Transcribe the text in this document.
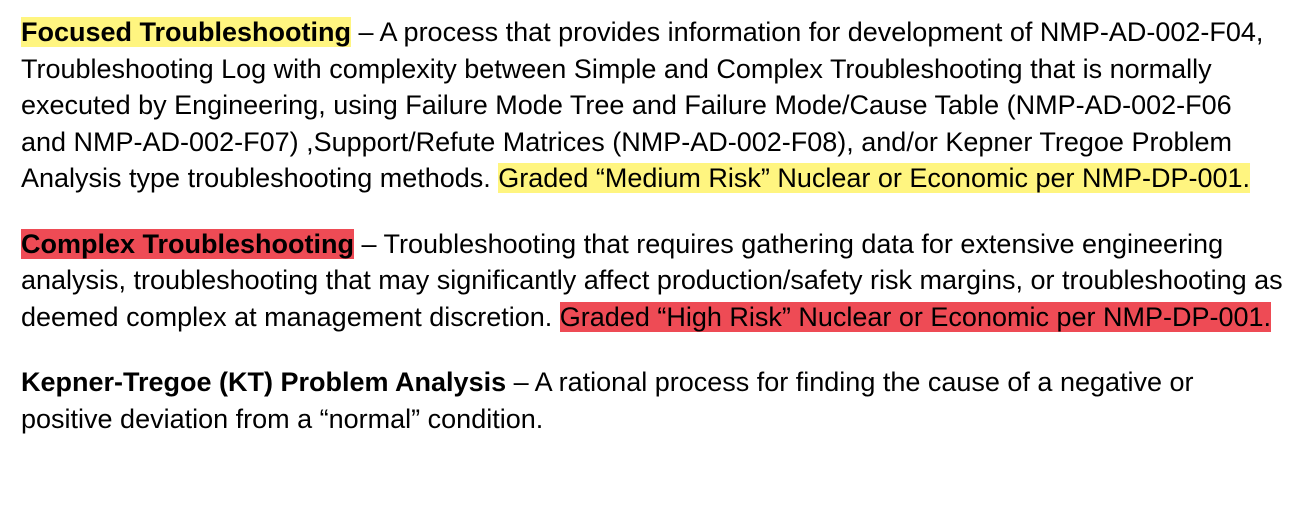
Focused Troubleshooting – A process that provides information for development of NMP-AD-002-F04, Troubleshooting Log with complexity between Simple and Complex Troubleshooting that is normally executed by Engineering, using Failure Mode Tree and Failure Mode/Cause Table (NMP-AD-002-F06 and NMP-AD-002-F07) ,Support/Refute Matrices (NMP-AD-002-F08), and/or Kepner Tregoe Problem Analysis type troubleshooting methods. Graded “Medium Risk” Nuclear or Economic per NMP-DP-001.

Complex Troubleshooting – Troubleshooting that requires gathering data for extensive engineering analysis, troubleshooting that may significantly affect production/safety risk margins, or troubleshooting as deemed complex at management discretion. Graded “High Risk” Nuclear or Economic per NMP-DP-001.

Kepner-Tregoe (KT) Problem Analysis – A rational process for finding the cause of a negative or positive deviation from a “normal” condition.
